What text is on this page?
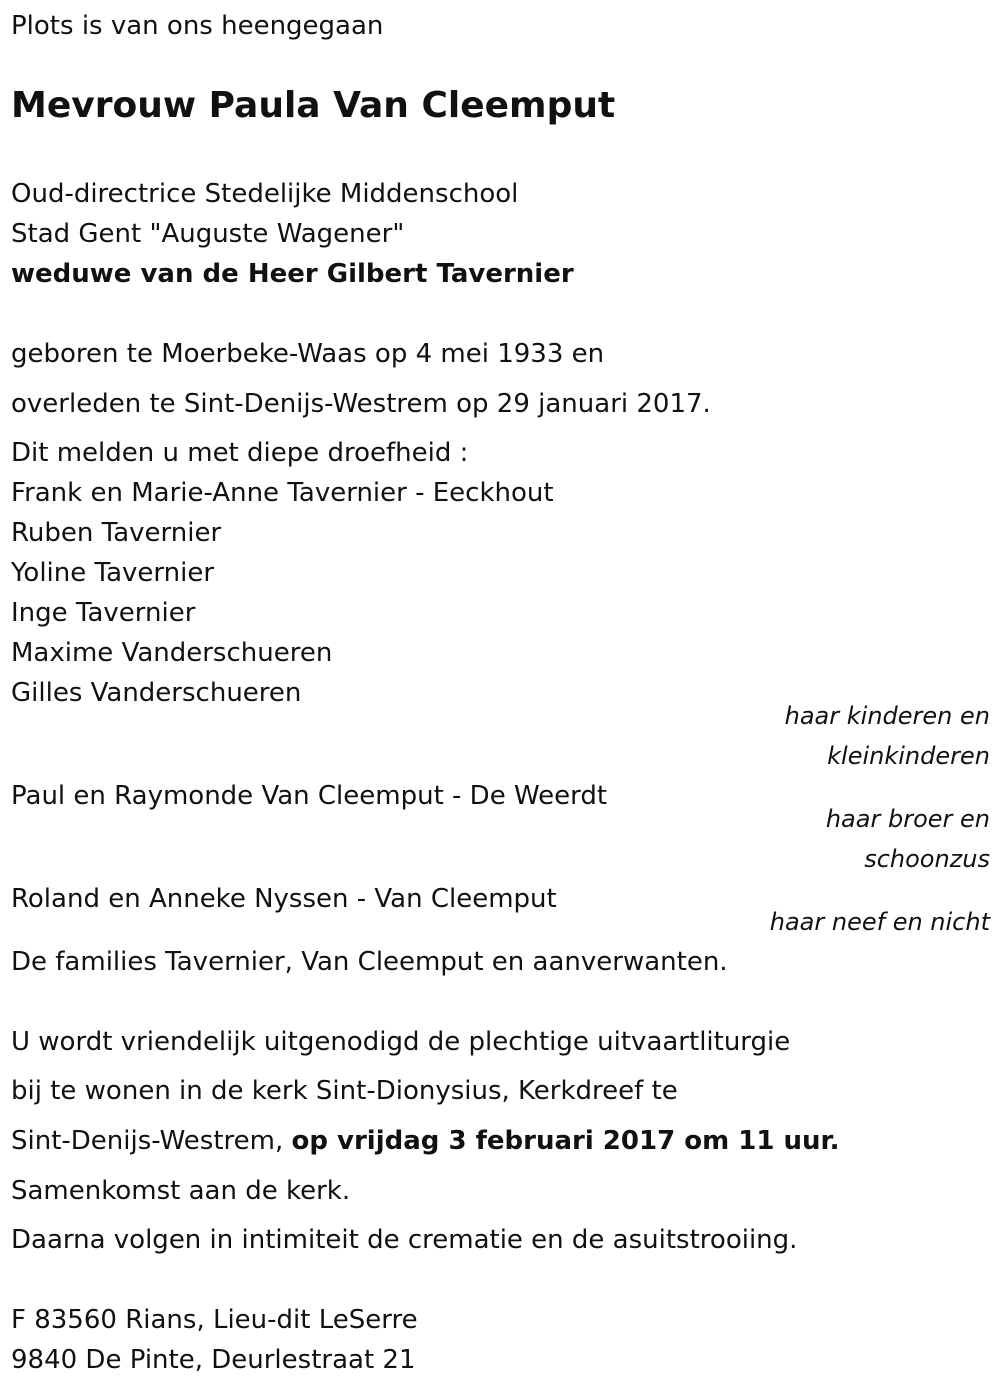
Plots is van ons heengegaan
Mevrouw Paula Van Cleemput
Oud-directrice Stedelijke Middenschool
Stad Gent "Auguste Wagener"
weduwe van de Heer Gilbert Tavernier
geboren te Moerbeke-Waas op 4 mei 1933 en
overleden te Sint-Denijs-Westrem op 29 januari 2017.
Dit melden u met diepe droefheid :
Frank en Marie-Anne Tavernier - Eeckhout
Ruben Tavernier
Yoline Tavernier
Inge Tavernier
Maxime Vanderschueren
Gilles Vanderschueren
haar kinderen en
kleinkinderen
Paul en Raymonde Van Cleemput - De Weerdt
haar broer en
schoonzus
Roland en Anneke Nyssen - Van Cleemput
haar neef en nicht
De families Tavernier, Van Cleemput en aanverwanten.
U wordt vriendelijk uitgenodigd de plechtige uitvaartliturgie
bij te wonen in de kerk Sint-Dionysius, Kerkdreef te
Sint-Denijs-Westrem, op vrijdag 3 februari 2017 om 11 uur.
Samenkomst aan de kerk.
Daarna volgen in intimiteit de crematie en de asuitstrooiing.
F 83560 Rians, Lieu-dit LeSerre
9840 De Pinte, Deurlestraat 21
